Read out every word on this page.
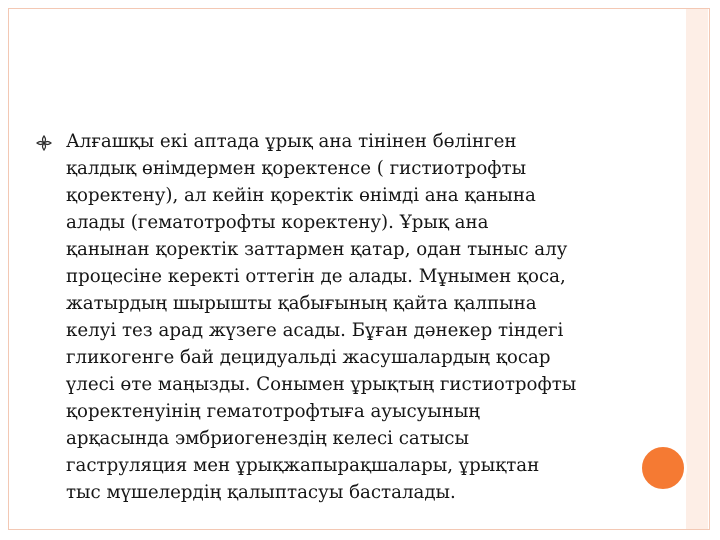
Алғашқы екі аптада ұрық ана тінінен бөлінген
қалдық өнімдермен қоректенсе ( гистиотрофты
қоректену), ал кейін қоректік өнімді ана қанына
алады (гематотрофты коректену). Ұрық ана
қанынан қоректік заттармен қатар, одан тыныс алу
процесіне керекті оттегін де алады. Мұнымен қоса,
жатырдың шырышты қабығының қайта қалпына
келуі тез арад жүзеге асады. Бұған дәнекер тіндегі
гликогенге бай децидуальді жасушалардың қосар
үлесі өте маңызды. Сонымен ұрықтың гистиотрофты
қоректенуінің гематотрофтығa ауысуының
арқасында эмбриогенездің келесі сатысы
гаструляция мен ұрықжапырақшалары, ұрықтан
тыс мүшелердің қалыптасуы басталады.
